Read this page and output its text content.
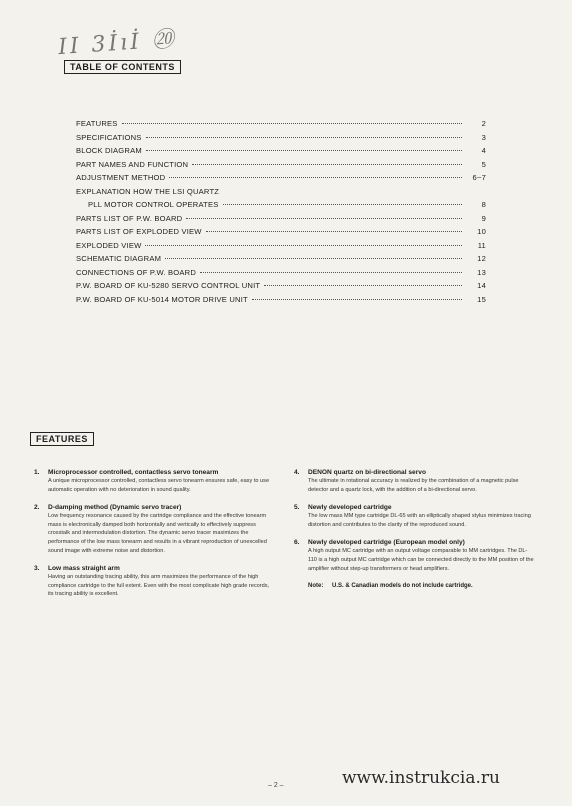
ⅠⅠ 3İıİ ⑳
TABLE OF CONTENTS
FEATURES	2
SPECIFICATIONS	3
BLOCK DIAGRAM	4
PART NAMES AND FUNCTION	5
ADJUSTMENT METHOD	6~7
EXPLANATION HOW THE LSI QUARTZ
PLL MOTOR CONTROL OPERATES	8
PARTS LIST OF P.W. BOARD	9
PARTS LIST OF EXPLODED VIEW	10
EXPLODED VIEW	11
SCHEMATIC DIAGRAM	12
CONNECTIONS OF P.W. BOARD	13
P.W. BOARD OF KU-5280 SERVO CONTROL UNIT	14
P.W. BOARD OF KU-5014 MOTOR DRIVE UNIT	15
FEATURES
1.	Microprocessor controlled, contactless servo tonearm
A unique microprocessor controlled, contactless servo tonearm ensures safe, easy to use automatic operation with no deterioration in sound quality.
2.	D-damping method (Dynamic servo tracer)
Low frequency resonance caused by the cartridge compliance and the effective tonearm mass is electronically damped both horizontally and vertically to effectively suppress crosstalk and intermodulation distortion. The dynamic servo tracer maximizes the performance of the low mass tonearm and results in a vibrant reproduction of unexcelled sound image with extreme noise and distortion.
3.	Low mass straight arm
Having an outstanding tracing ability, this arm maximizes the performance of the high compliance cartridge to the full extent. Even with the most complicate high grade records, its tracing ability is excellent.
4.	DENON quartz on bi-directional servo
The ultimate in rotational accuracy is realized by the combination of a magnetic pulse detector and a quartz lock, with the addition of a bi-directional servo.
5.	Newly developed cartridge
The low mass MM type cartridge DL-65 with an elliptically shaped stylus minimizes tracing distortion and contributes to the clarity of the reproduced sound.
6.	Newly developed cartridge (European model only)
A high output MC cartridge with an output voltage comparable to MM cartridges. The DL-110 is a high output MC cartridge which can be connected directly to the MM position of the amplifier without step-up transformers or head amplifiers.
Note:	U.S. & Canadian models do not include cartridge.
– 2 –	www.instrukcia.ru
